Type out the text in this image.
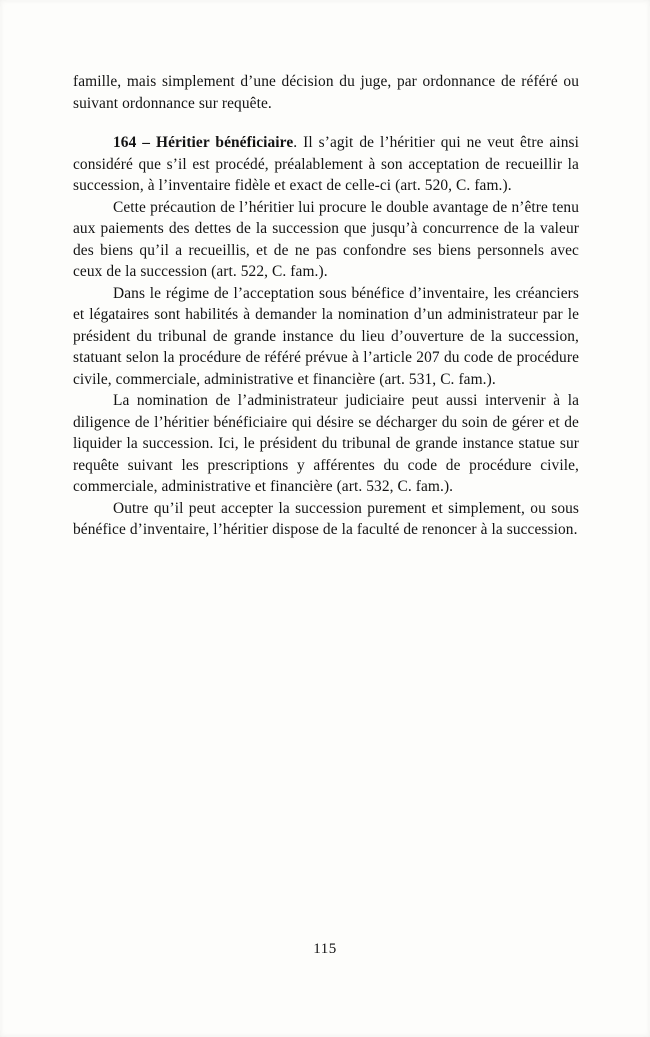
famille, mais simplement d’une décision du juge, par ordonnance de référé ou suivant ordonnance sur requête.

164 – Héritier bénéficiaire. Il s’agit de l’héritier qui ne veut être ainsi considéré que s’il est procédé, préalablement à son acceptation de recueillir la succession, à l’inventaire fidèle et exact de celle-ci (art. 520, C. fam.).

Cette précaution de l’héritier lui procure le double avantage de n’être tenu aux paiements des dettes de la succession que jusqu’à concurrence de la valeur des biens qu’il a recueillis, et de ne pas confondre ses biens personnels avec ceux de la succession (art. 522, C. fam.).

Dans le régime de l’acceptation sous bénéfice d’inventaire, les créanciers et légataires sont habilités à demander la nomination d’un administrateur par le président du tribunal de grande instance du lieu d’ouverture de la succession, statuant selon la procédure de référé prévue à l’article 207 du code de procédure civile, commerciale, administrative et financière (art. 531, C. fam.).

La nomination de l’administrateur judiciaire peut aussi intervenir à la diligence de l’héritier bénéficiaire qui désire se décharger du soin de gérer et de liquider la succession. Ici, le président du tribunal de grande instance statue sur requête suivant les prescriptions y afférentes du code de procédure civile, commerciale, administrative et financière (art. 532, C. fam.).

Outre qu’il peut accepter la succession purement et simplement, ou sous bénéfice d’inventaire, l’héritier dispose de la faculté de renoncer à la succession.

115
